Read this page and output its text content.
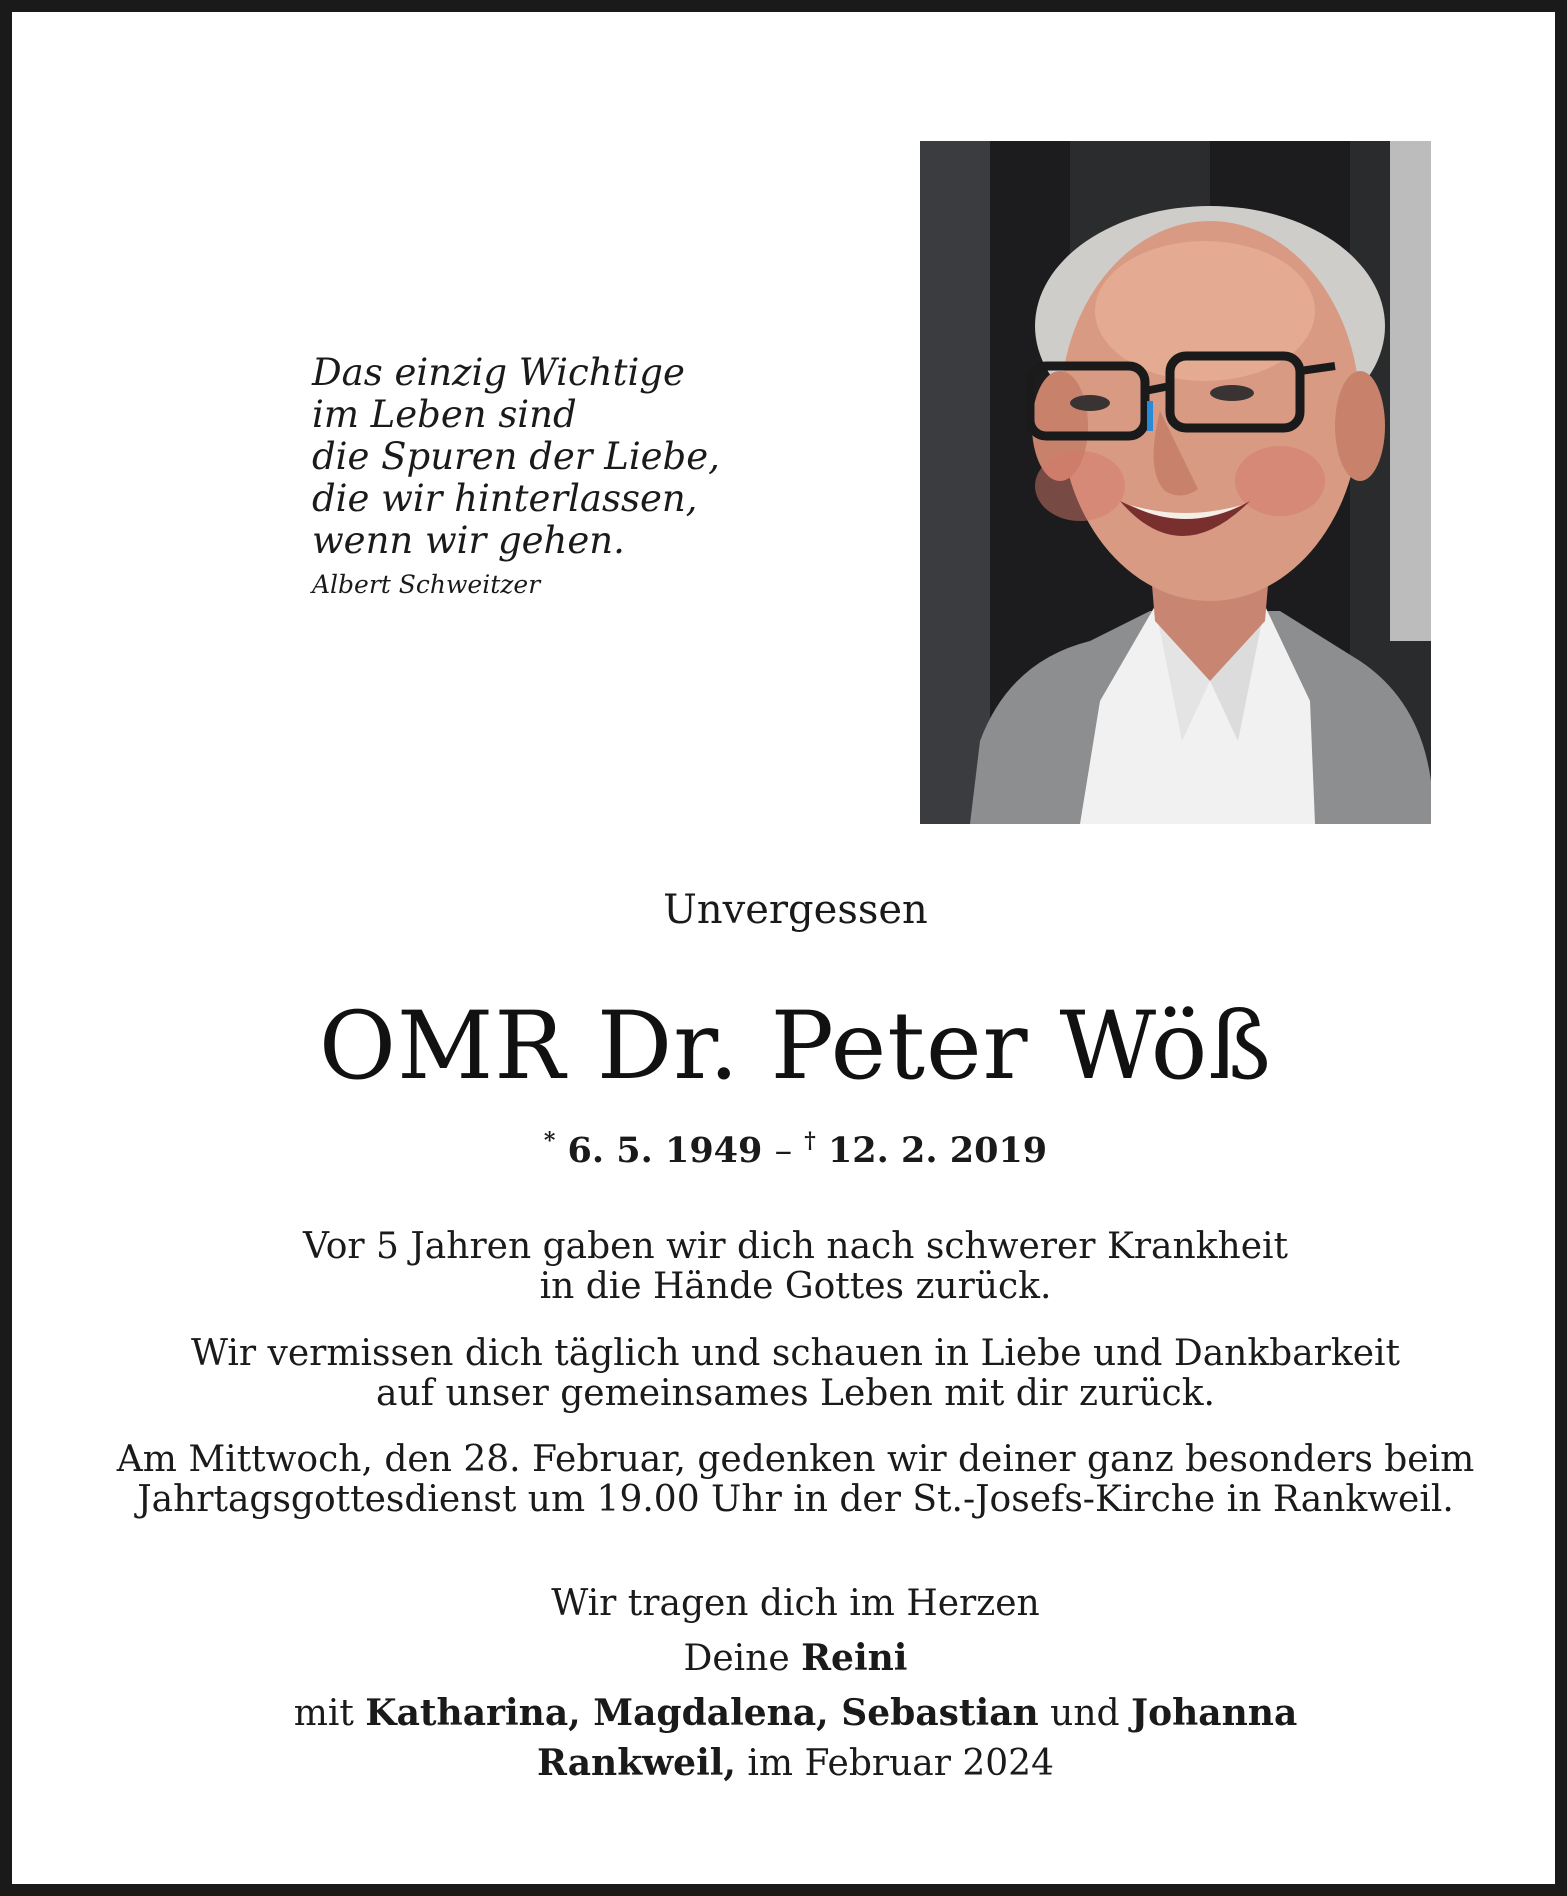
Das einzig Wichtige
im Leben sind
die Spuren der Liebe,
die wir hinterlassen,
wenn wir gehen.
Albert Schweitzer
Unvergessen
OMR Dr. Peter Wöß
* 6. 5. 1949 – † 12. 2. 2019
Vor 5 Jahren gaben wir dich nach schwerer Krankheit
in die Hände Gottes zurück.
Wir vermissen dich täglich und schauen in Liebe und Dankbarkeit
auf unser gemeinsames Leben mit dir zurück.
Am Mittwoch, den 28. Februar, gedenken wir deiner ganz besonders beim
Jahrtagsgottesdienst um 19.00 Uhr in der St.-Josefs-Kirche in Rankweil.
Wir tragen dich im Herzen
Deine Reini
mit Katharina, Magdalena, Sebastian und Johanna
Rankweil, im Februar 2024
